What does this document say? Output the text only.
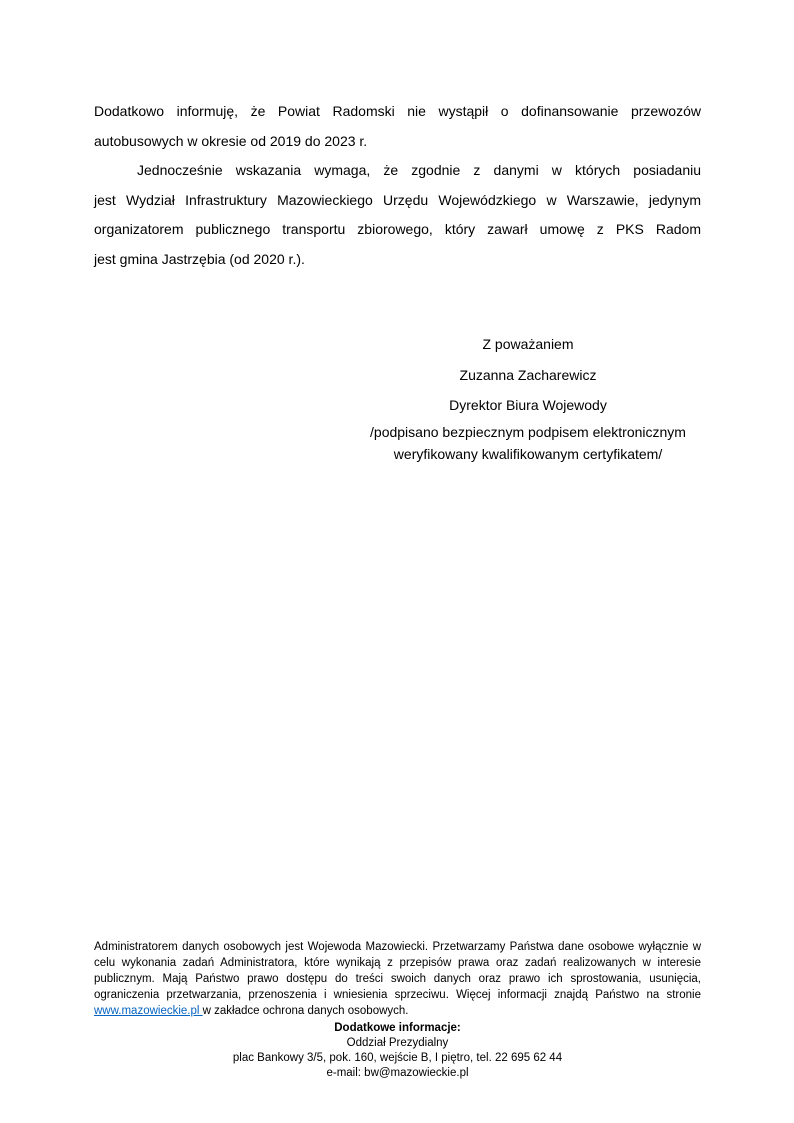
Dodatkowo informuję, że Powiat Radomski nie wystąpił o dofinansowanie przewozów
autobusowych w okresie od 2019 do 2023 r.
Jednocześnie wskazania wymaga, że zgodnie z danymi w których posiadaniu
jest Wydział Infrastruktury Mazowieckiego Urzędu Wojewódzkiego w Warszawie, jedynym
organizatorem publicznego transportu zbiorowego, który zawarł umowę z PKS Radom
jest gmina Jastrzębia (od 2020 r.).
Z poważaniem
Zuzanna Zacharewicz
Dyrektor Biura Wojewody
/podpisano bezpiecznym podpisem elektronicznym
weryfikowany kwalifikowanym certyfikatem/
Administratorem danych osobowych jest Wojewoda Mazowiecki. Przetwarzamy Państwa dane osobowe wyłącznie w celu wykonania zadań Administratora, które wynikają z przepisów prawa oraz zadań realizowanych w interesie publicznym. Mają Państwo prawo dostępu do treści swoich danych oraz prawo ich sprostowania, usunięcia, ograniczenia przetwarzania, przenoszenia i wniesienia sprzeciwu. Więcej informacji znajdą Państwo na stronie www.mazowieckie.pl w zakładce ochrona danych osobowych.
Dodatkowe informacje:
Oddział Prezydialny
plac Bankowy 3/5, pok. 160, wejście B, I piętro, tel. 22 695 62 44
e-mail: bw@mazowieckie.pl
